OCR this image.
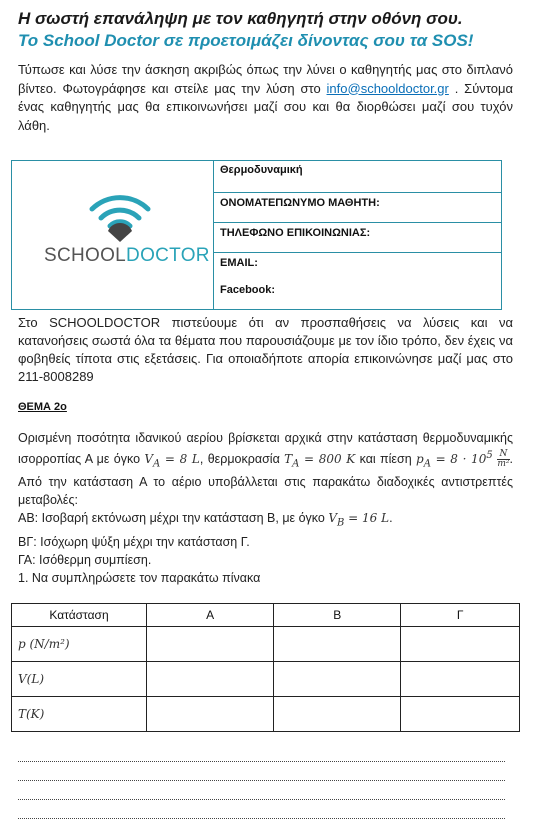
Η σωστή επανάληψη με τον καθηγητή στην οθόνη σου.
Το School Doctor σε προετοιμάζει δίνοντας σου τα SOS!
Τύπωσε και λύσε την άσκηση ακριβώς όπως την λύνει ο καθηγητής μας στο διπλανό βίντεο. Φωτογράφησε και στείλε μας την λύση στο info@schooldoctor.gr . Σύντομα ένας καθηγητής μας θα επικοινωνήσει μαζί σου και θα διορθώσει μαζί σου τυχόν λάθη.
SCHOOLDOCTOR
Θερμοδυναμική
ΟΝΟΜΑΤΕΠΩΝΥΜΟ ΜΑΘΗΤΗ:
ΤΗΛΕΦΩΝΟ ΕΠΙΚΟΙΝΩΝΙΑΣ:
EMAIL:
Facebook:
Στο SCHOOLDOCTOR πιστεύουμε ότι αν προσπαθήσεις να λύσεις και να κατανοήσεις σωστά όλα τα θέματα που παρουσιάζουμε με τον ίδιο τρόπο, δεν έχεις να φοβηθείς τίποτα στις εξετάσεις. Για οποιαδήποτε απορία επικοινώνησε μαζί μας στο 211-8008289
ΘΕΜΑ 2ο
Ορισμένη ποσότητα ιδανικού αερίου βρίσκεται αρχικά στην κατάσταση θερμοδυναμικής ισορροπίας Α με όγκο $V_A = 8$ L, θερμοκρασία $T_A = 800$ K και πίεση $p_A = 8 \cdot 10^5 \frac{N}{\text{m²}}$ . Από την κατάσταση Α το αέριο υποβάλλεται στις παρακάτω διαδοχικές αντιστρεπτές μεταβολές:
ΑΒ: Ισοβαρή εκτόνωση μέχρι την κατάσταση Β, με όγκο $V_B = 16$ L.
ΒΓ: Ισόχωρη ψύξη μέχρι την κατάσταση Γ.
ΓΑ: Ισόθερμη συμπίεση.
1. Να συμπληρώσετε τον παρακάτω πίνακα
Κατάσταση	Α	Β	Γ
p (N/m²)			
V(L)			
T(K)			
